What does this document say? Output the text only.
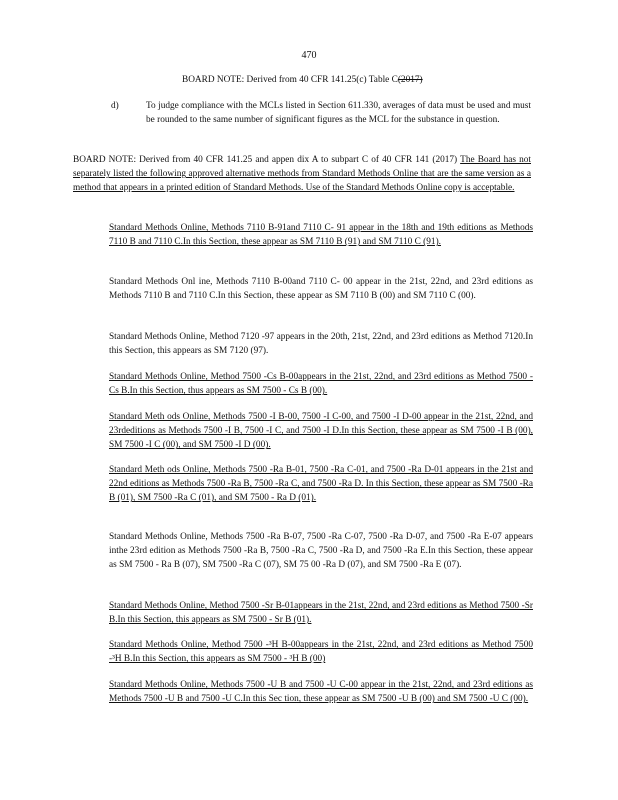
470
BOARD NOTE: Derived from 40 CFR 141.25(c) Table C(2017)
d)	To judge compliance with the MCLs listed in Section 611.330, averages of data must be used and must be rounded to the same number of significant figures as the MCL for the substance in question.
BOARD NOTE: Derived from 40 CFR 141.25 and appen dix A to subpart C of 40 CFR 141 (2017) The Board has not separately listed the following approved alternative methods from Standard Methods Online that are the same version as a method that appears in a printed edition of Standard Methods. Use of the Standard Methods Online copy is acceptable.
Standard Methods Online, Methods 7110 B-91and 7110 C- 91 appear in the 18th and 19th editions as Methods 7110 B and 7110 C.In this Section, these appear as SM 7110 B (91) and SM 7110 C (91).
Standard Methods Onl ine, Methods 7110 B-00and 7110 C- 00 appear in the 21st, 22nd, and 23rd editions as Methods 7110 B and 7110 C.In this Section, these appear as SM 7110 B (00) and SM 7110 C (00).
Standard Methods Online, Method 7120 -97 appears in the 20th, 21st, 22nd, and 23rd editions as Method 7120.In this Section, this appears as SM 7120 (97).
Standard Methods Online, Method 7500 -Cs B-00appears in the 21st, 22nd, and 23rd editions as Method 7500 -Cs B.In this Section, thus appears as SM 7500 - Cs B (00).
Standard Meth ods Online, Methods 7500 -I B-00, 7500 -I C-00, and 7500 -I D-00 appear in the 21st, 22nd, and 23rdeditions as Methods 7500 -I B, 7500 -I C, and 7500 -I D.In this Section, these appear as SM 7500 -I B (00), SM 7500 -I C (00), and SM 7500 -I D (00).
Standard Meth ods Online, Methods 7500 -Ra B-01, 7500 -Ra C-01, and 7500 -Ra D-01 appears in the 21st and 22nd editions as Methods 7500 -Ra B, 7500 -Ra C, and 7500 -Ra D. In this Section, these appear as SM 7500 -Ra B (01), SM 7500 -Ra C (01), and SM 7500 - Ra D (01).
Standard Methods Online, Methods 7500 -Ra B-07, 7500 -Ra C-07, 7500 -Ra D-07, and 7500 -Ra E-07 appears inthe 23rd edition as Methods 7500 -Ra B, 7500 -Ra C, 7500 -Ra D, and 7500 -Ra E.In this Section, these appear as SM 7500 - Ra B (07), SM 7500 -Ra C (07), SM 75 00 -Ra D (07), and SM 7500 -Ra E (07).
Standard Methods Online, Method 7500 -Sr B-01appears in the 21st, 22nd, and 23rd editions as Method 7500 -Sr B.In this Section, this appears as SM 7500 - Sr B (01).
Standard Methods Online, Method 7500 -³H B-00appears in the 21st, 22nd, and 23rd editions as Method 7500 -³H B.In this Section, this appears as SM 7500 - ³H B (00)
Standard Methods Online, Methods 7500 -U B and 7500 -U C-00 appear in the 21st, 22nd, and 23rd editions as Methods 7500 -U B and 7500 -U C.In this Sec tion, these appear as SM 7500 -U B (00) and SM 7500 -U C (00).
